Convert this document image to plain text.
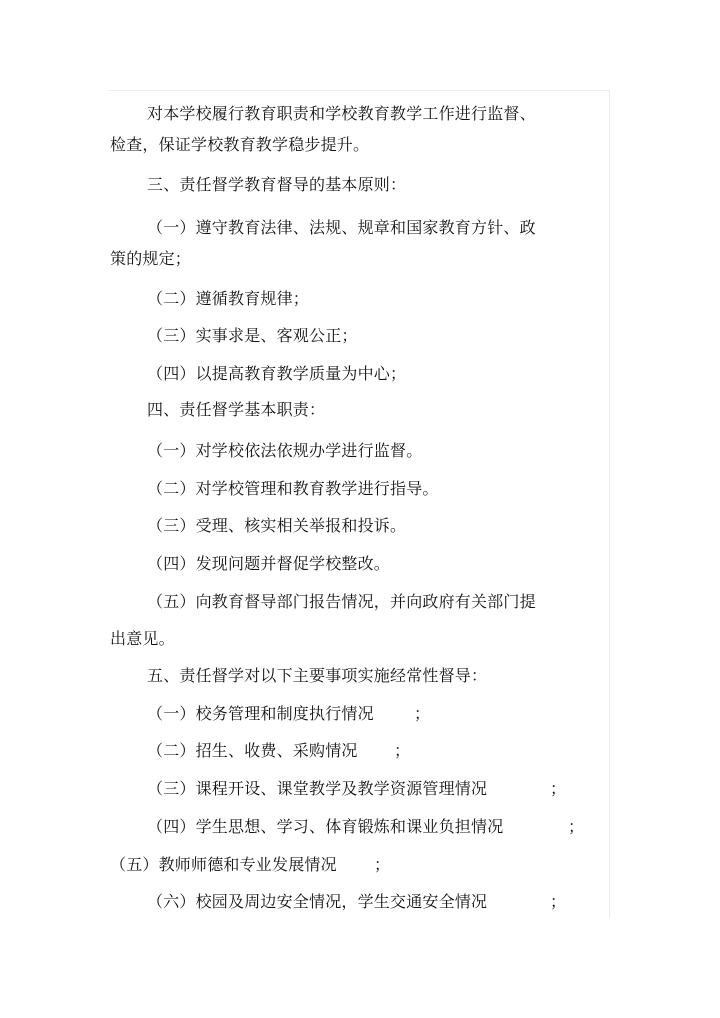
对本学校履行教育职责和学校教育教学工作进行监督、
检查，保证学校教育教学稳步提升。
三、责任督学教育督导的基本原则：
（一）遵守教育法律、法规、规章和国家教育方针、政
策的规定；
（二）遵循教育规律；
（三）实事求是、客观公正；
（四）以提高教育教学质量为中心；
四、责任督学基本职责：
（一）对学校依法依规办学进行监督。
（二）对学校管理和教育教学进行指导。
（三）受理、核实相关举报和投诉。
（四）发现问题并督促学校整改。
（五）向教育督导部门报告情况，并向政府有关部门提
出意见。
五、责任督学对以下主要事项实施经常性督导：
（一）校务管理和制度执行情况	；
（二）招生、收费、采购情况 ；
（三）课程开设、课堂教学及教学资源管理情况	；
（四）学生思想、学习、体育锻炼和课业负担情况	；
（五）教师师德和专业发展情况 ；
（六）校园及周边安全情况，学生交通安全情况	；
